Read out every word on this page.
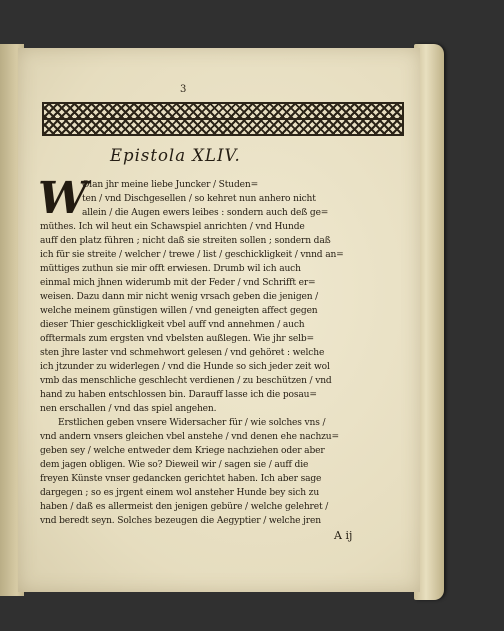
3
Epistola XLIV.
W
Olan jhr meine liebe Juncker / Studen=
ten / vnd Dischgesellen / so kehret nun anhero nicht
allein / die Augen ewers leibes : sondern auch deß ge=
müthes. Ich wil heut ein Schawspiel anrichten / vnd Hunde
auff den platz führen ; nicht daß sie streiten sollen ; sondern daß
ich für sie streite / welcher / trewe / list / geschickligkeit / vnnd an=
müttiges zuthun sie mir offt erwiesen. Drumb wil ich auch
einmal mich jhnen widerumb mit der Feder / vnd Schrifft er=
weisen. Dazu dann mir nicht wenig vrsach geben die jenigen /
welche meinem günstigen willen / vnd geneigten affect gegen
dieser Thier geschickligkeit vbel auff vnd annehmen / auch
offtermals zum ergsten vnd vbelsten außlegen. Wie jhr selb=
sten jhre laster vnd schmehwort gelesen / vnd gehöret : welche
ich jtzunder zu widerlegen / vnd die Hunde so sich jeder zeit wol
vmb das menschliche geschlecht verdienen / zu beschützen / vnd
hand zu haben entschlossen bin. Darauff lasse ich die posau=
nen erschallen / vnd das spiel angehen.
Erstlichen geben vnsere Widersacher für / wie solches vns /
vnd andern vnsers gleichen vbel anstehe / vnd denen ehe nachzu=
geben sey / welche entweder dem Kriege nachziehen oder aber
dem jagen obligen. Wie so? Dieweil wir / sagen sie / auff die
freyen Künste vnser gedancken gerichtet haben. Ich aber sage
dargegen ; so es jrgent einem wol ansteher Hunde bey sich zu
haben / daß es allermeist den jenigen gebüre / welche gelehret /
vnd beredt seyn. Solches bezeugen die Aegyptier / welche jren
A ij
